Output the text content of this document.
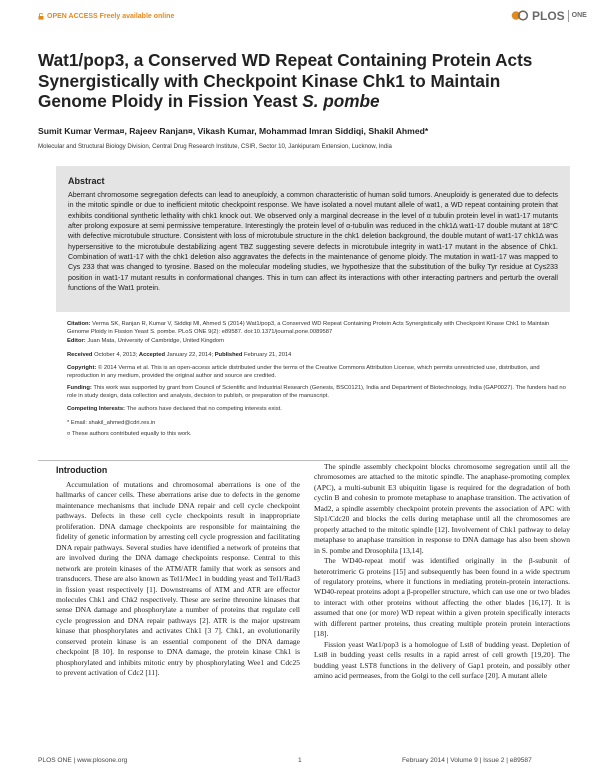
OPEN ACCESS Freely available online	PLOS ONE
Wat1/pop3, a Conserved WD Repeat Containing Protein Acts Synergistically with Checkpoint Kinase Chk1 to Maintain Genome Ploidy in Fission Yeast S. pombe
Sumit Kumar Verma¤, Rajeev Ranjan¤, Vikash Kumar, Mohammad Imran Siddiqi, Shakil Ahmed*
Molecular and Structural Biology Division, Central Drug Research Institute, CSIR, Sector 10, Jankipuram Extension, Lucknow, India
Abstract
Aberrant chromosome segregation defects can lead to aneuploidy, a common characteristic of human solid tumors. Aneuploidy is generated due to defects in the mitotic spindle or due to inefficient mitotic checkpoint response. We have isolated a novel mutant allele of wat1, a WD repeat containing protein that exhibits conditional synthetic lethality with chk1 knock out. We observed only a marginal decrease in the level of α tubulin protein level in wat1-17 mutants after prolong exposure at semi permissive temperature. Interestingly the protein level of α-tubulin was reduced in the chk1Δ wat1-17 double mutant at 18°C with defective microtubule structure. Consistent with loss of microtubule structure in the chk1 deletion background, the double mutant of wat1-17 chk1Δ was hypersensitive to the microtubule destabilizing agent TBZ suggesting severe defects in microtubule integrity in wat1-17 mutant in the absence of Chk1. Combination of wat1-17 with the chk1 deletion also aggravates the defects in the maintenance of genome ploidy. The mutation in wat1-17 was mapped to Cys 233 that was changed to tyrosine. Based on the molecular modeling studies, we hypothesize that the substitution of the bulky Tyr residue at Cys233 position in wat1-17 mutant results in conformational changes. This in turn can affect its interactions with other interacting partners and perturb the overall functions of the Wat1 protein.
Citation: Verma SK, Ranjan R, Kumar V, Siddiqi MI, Ahmed S (2014) Wat1/pop3, a Conserved WD Repeat Containing Protein Acts Synergistically with Checkpoint Kinase Chk1 to Maintain Genome Ploidy in Fission Yeast S. pombe. PLoS ONE 9(2): e89587. doi:10.1371/journal.pone.0089587
Editor: Juan Mata, University of Cambridge, United Kingdom
Received October 4, 2013; Accepted January 22, 2014; Published February 21, 2014
Copyright: © 2014 Verma et al. This is an open-access article distributed under the terms of the Creative Commons Attribution License, which permits unrestricted use, distribution, and reproduction in any medium, provided the original author and source are credited.
Funding: This work was supported by grant from Council of Scientific and Industrial Research (Genesis, BSC0121), India and Department of Biotechnology, India (GAP0027). The funders had no role in study design, data collection and analysis, decision to publish, or preparation of the manuscript.
Competing Interests: The authors have declared that no competing interests exist.
* Email: shakil_ahmed@cdri.res.in
¤ These authors contributed equally to this work.
Introduction

Accumulation of mutations and chromosomal aberrations is one of the hallmarks of cancer cells. These aberrations arise due to defects in the genome maintenance mechanisms that include DNA repair and cell cycle checkpoint pathways. Defects in these cell cycle checkpoints result in inappropriate proliferation. DNA damage checkpoints are responsible for maintaining the fidelity of genetic information by arresting cell cycle progression and facilitating DNA repair pathways. Several studies have identified a network of proteins that are involved during the DNA damage checkpoints response. Central to this network are protein kinases of the ATM/ATR family that work as sensors and transducers. These are also known as Tel1/Mec1 in budding yeast and Tel1/Rad3 in fission yeast respectively [1]. Downstreams of ATM and ATR are effector molecules Chk1 and Chk2 respectively. These are serine threonine kinases that sense DNA damage and phosphorylate a number of proteins that regulate cell cycle progression and DNA repair pathways [2]. ATR is the major upstream kinase that phosphorylates and activates Chk1 [3 7]. Chk1, an evolutionarily conserved protein kinase is an essential component of the DNA damage checkpoint [8 10]. In response to DNA damage, the protein kinase Chk1 is phosphorylated and inhibits mitotic entry by phosphorylating Wee1 and Cdc25 to prevent activation of Cdc2 [11].

The spindle assembly checkpoint blocks chromosome segregation until all the chromosomes are attached to the mitotic spindle. The anaphase-promoting complex (APC), a multi-subunit E3 ubiquitin ligase is required for the degradation of both cyclin B and cohesin to promote metaphase to anaphase transition. The activation of Mad2, a spindle assembly checkpoint protein prevents the association of APC with Slp1/Cdc20 and blocks the cells during metaphase until all the chromosomes are properly attached to the mitotic spindle [12]. Involvement of Chk1 pathway to delay metaphase to anaphase transition in response to DNA damage has also been shown in S. pombe and Drosophila [13,14].

The WD40-repeat motif was identified originally in the β-subunit of heterotrimeric G proteins [15] and subsequently has been found in a wide spectrum of regulatory proteins, where it functions in mediating protein-protein interactions. WD40-repeat proteins adopt a β-propeller structure, which can use one or two blades to interact with other proteins without affecting the other blades [16,17]. It is assumed that one (or more) WD repeat within a given protein specifically interacts with different partner proteins, thus creating multiple protein protein interactions [18].

Fission yeast Wat1/pop3 is a homologue of Lst8 of budding yeast. Depletion of Lst8 in budding yeast cells results in a rapid arrest of cell growth [19,20]. The budding yeast LST8 functions in the delivery of Gap1 protein, and possibly other amino acid permeases, from the Golgi to the cell surface [20]. A mutant allele

PLOS ONE | www.plosone.org	1	February 2014 | Volume 9 | Issue 2 | e89587
